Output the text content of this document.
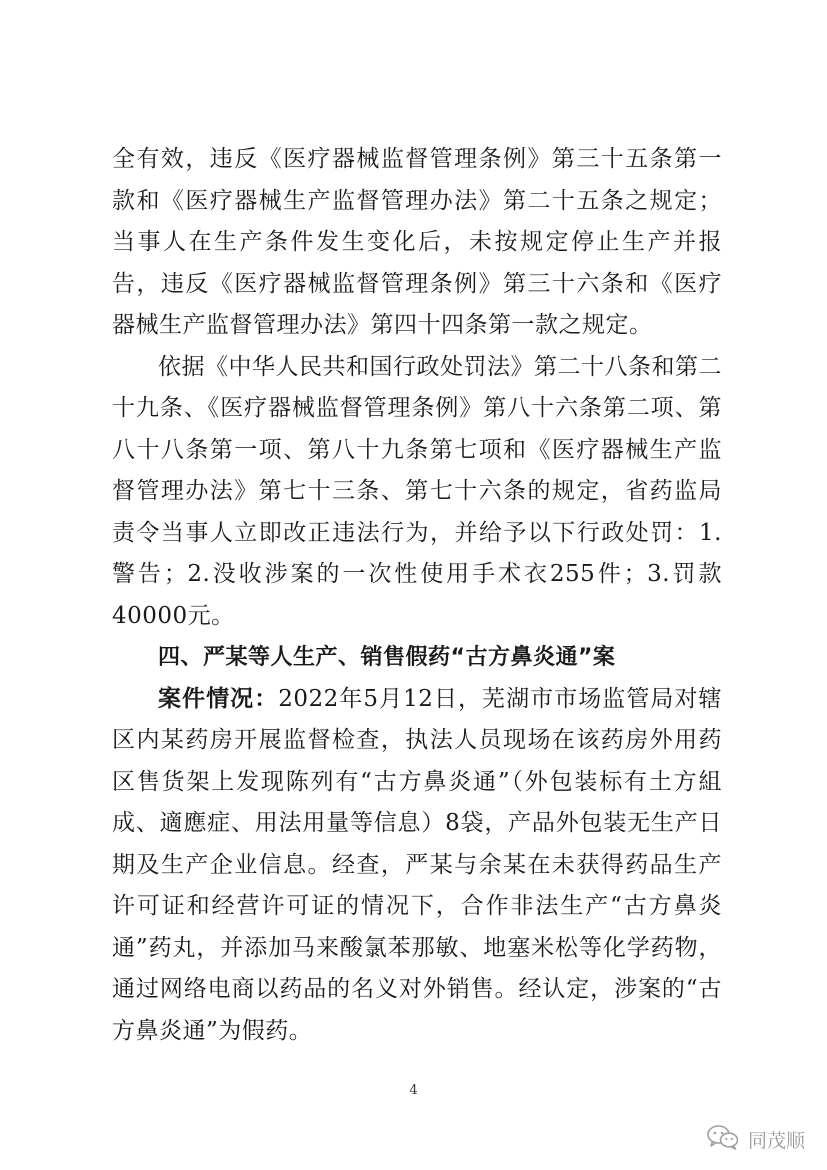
全有效，违反《医疗器械监督管理条例》第三十五条第一款和《医疗器械生产监督管理办法》第二十五条之规定；当事人在生产条件发生变化后，未按规定停止生产并报告，违反《医疗器械监督管理条例》第三十六条和《医疗器械生产监督管理办法》第四十四条第一款之规定。

依据《中华人民共和国行政处罚法》第二十八条和第二十九条、《医疗器械监督管理条例》第八十六条第二项、第八十八条第一项、第八十九条第七项和《医疗器械生产监督管理办法》第七十三条、第七十六条的规定，省药监局责令当事人立即改正违法行为，并给予以下行政处罚：1.警告；2.没收涉案的一次性使用手术衣255件；3.罚款40000元。

四、严某等人生产、销售假药“古方鼻炎通”案

案件情况：2022年5月12日，芜湖市市场监管局对辖区内某药房开展监督检查，执法人员现场在该药房外用药区售货架上发现陈列有“古方鼻炎通”（外包装标有土方組成、適應症、用法用量等信息）8袋，产品外包装无生产日期及生产企业信息。经查，严某与余某在未获得药品生产许可证和经营许可证的情况下，合作非法生产“古方鼻炎通”药丸，并添加马来酸氯苯那敏、地塞米松等化学药物，通过网络电商以药品的名义对外销售。经认定，涉案的“古方鼻炎通”为假药。

4
同茂顺
